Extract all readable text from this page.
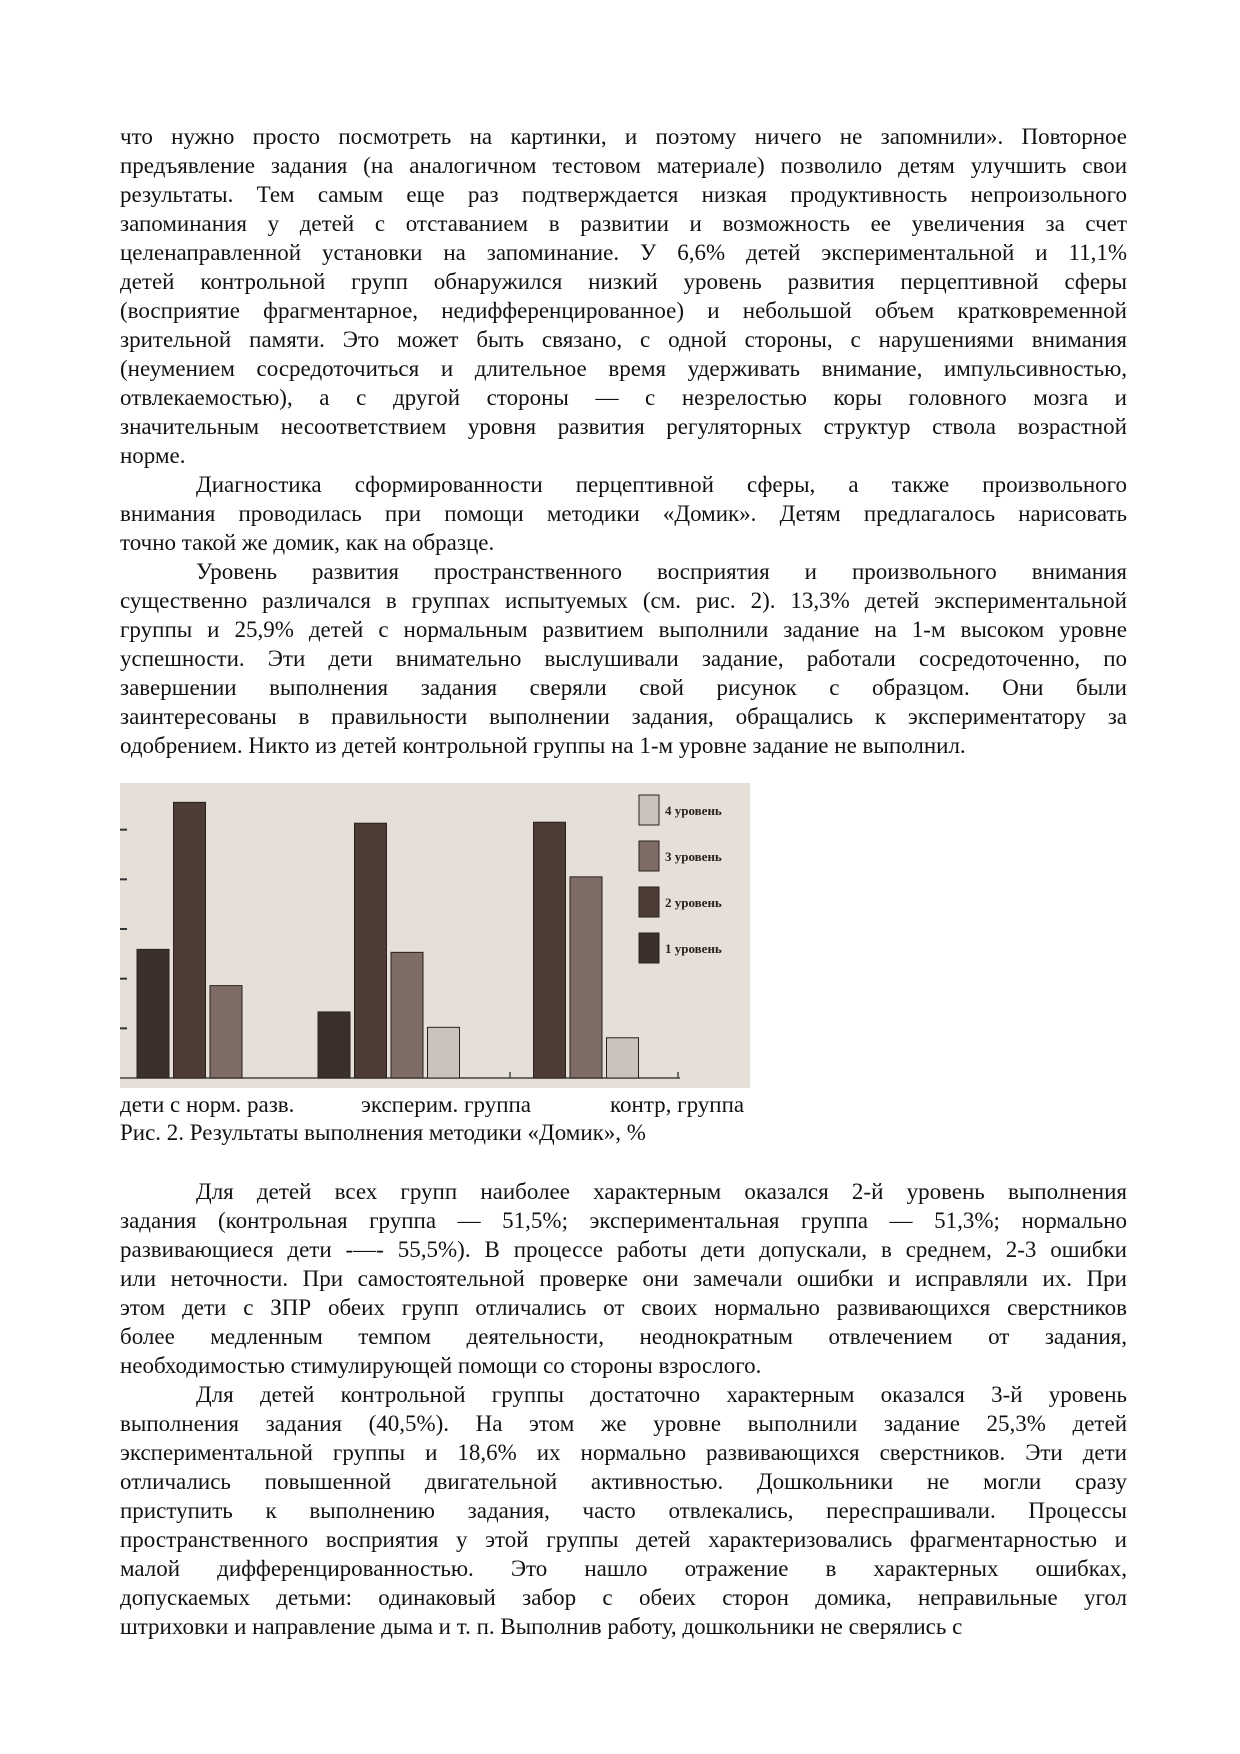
что нужно просто посмотреть на картинки, и поэтому ничего не запомнили». Повторное
предъявление задания (на аналогичном тестовом материале) позволило детям улучшить свои
результаты. Тем самым еще раз подтверждается низкая продуктивность непроизольного
запоминания у детей с отставанием в развитии и возможность ее увеличения за счет
целенаправленной установки на запоминание. У 6,6% детей экспериментальной и 11,1%
детей контрольной групп обнаружился низкий уровень развития перцептивной сферы
(восприятие фрагментарное, недифференцированное) и небольшой объем кратковременной
зрительной памяти. Это может быть связано, с одной стороны, с нарушениями внимания
(неумением сосредоточиться и длительное время удерживать внимание, импульсивностью,
отвлекаемостью), а с другой стороны — с незрелостью коры головного мозга и
значительным несоответствием уровня развития регуляторных структур ствола возрастной
норме.
Диагностика сформированности перцептивной сферы, а также произвольного
внимания проводилась при помощи методики «Домик». Детям предлагалось нарисовать
точно такой же домик, как на образце.
Уровень развития пространственного восприятия и произвольного внимания
существенно различался в группах испытуемых (см. рис. 2). 13,3% детей экспериментальной
группы и 25,9% детей с нормальным развитием выполнили задание на 1-м высоком уровне
успешности. Эти дети внимательно выслушивали задание, работали сосредоточенно, по
завершении выполнения задания сверяли свой рисунок с образцом. Они были
заинтересованы в правильности выполнении задания, обращались к экспериментатору за
одобрением. Никто из детей контрольной группы на 1-м уровне задание не выполнил.
4 уровень
3 уровень
2 уровень
1 уровень
дети с норм. разв.	эксперим. группа	контр, группа
Рис. 2. Результаты выполнения методики «Домик», %
Для детей всех групп наиболее характерным оказался 2-й уровень выполнения
задания (контрольная группа — 51,5%; экспериментальная группа — 51,3%; нормально
развивающиеся дети -—- 55,5%). В процессе работы дети допускали, в среднем, 2-3 ошибки
или неточности. При самостоятельной проверке они замечали ошибки и исправляли их. При
этом дети с ЗПР обеих групп отличались от своих нормально развивающихся сверстников
более медленным темпом деятельности, неоднократным отвлечением от задания,
необходимостью стимулирующей помощи со стороны взрослого.
Для детей контрольной группы достаточно характерным оказался 3-й уровень
выполнения задания (40,5%). На этом же уровне выполнили задание 25,3% детей
экспериментальной группы и 18,6% их нормально развивающихся сверстников. Эти дети
отличались повышенной двигательной активностью. Дошкольники не могли сразу
приступить к выполнению задания, часто отвлекались, переспрашивали. Процессы
пространственного восприятия у этой группы детей характеризовались фрагментарностью и
малой дифференцированностью. Это нашло отражение в характерных ошибках,
допускаемых детьми: одинаковый забор с обеих сторон домика, неправильные угол
штриховки и направление дыма и т. п. Выполнив работу, дошкольники не сверялись с
